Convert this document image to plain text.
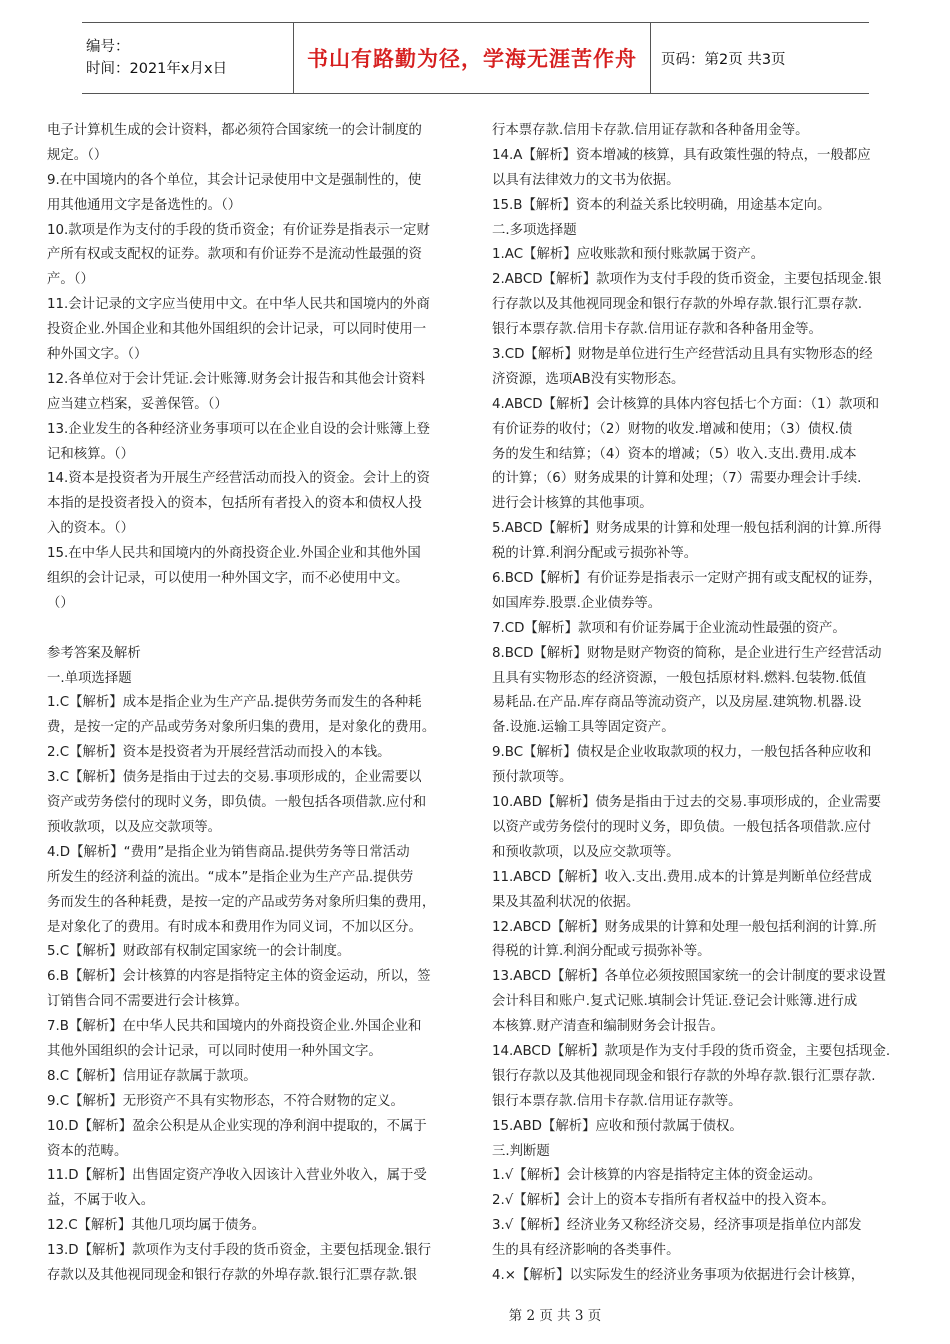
编号：
时间：2021年x月x日	书山有路勤为径，学海无涯苦作舟	页码：第2页 共3页
电子计算机生成的会计资料，都必须符合国家统一的会计制度的
规定。（）
9.在中国境内的各个单位，其会计记录使用中文是强制性的，使
用其他通用文字是备选性的。（）
10.款项是作为支付的手段的货币资金；有价证券是指表示一定财
产所有权或支配权的证券。款项和有价证券不是流动性最强的资
产。（）
11.会计记录的文字应当使用中文。在中华人民共和国境内的外商
投资企业.外国企业和其他外国组织的会计记录，可以同时使用一
种外国文字。（）
12.各单位对于会计凭证.会计账簿.财务会计报告和其他会计资料
应当建立档案，妥善保管。（）
13.企业发生的各种经济业务事项可以在企业自设的会计账簿上登
记和核算。（）
14.资本是投资者为开展生产经营活动而投入的资金。会计上的资
本指的是投资者投入的资本，包括所有者投入的资本和债权人投
入的资本。（）
15.在中华人民共和国境内的外商投资企业.外国企业和其他外国
组织的会计记录，可以使用一种外国文字，而不必使用中文。
（）
参考答案及解析
一.单项选择题
1.C【解析】成本是指企业为生产产品.提供劳务而发生的各种耗
费，是按一定的产品或劳务对象所归集的费用，是对象化的费用。
2.C【解析】资本是投资者为开展经营活动而投入的本钱。
3.C【解析】债务是指由于过去的交易.事项形成的，企业需要以
资产或劳务偿付的现时义务，即负债。一般包括各项借款.应付和
预收款项，以及应交款项等。
4.D【解析】“费用”是指企业为销售商品.提供劳务等日常活动
所发生的经济利益的流出。“成本”是指企业为生产产品.提供劳
务而发生的各种耗费，是按一定的产品或劳务对象所归集的费用，
是对象化了的费用。有时成本和费用作为同义词，不加以区分。
5.C【解析】财政部有权制定国家统一的会计制度。
6.B【解析】会计核算的内容是指特定主体的资金运动，所以，签
订销售合同不需要进行会计核算。
7.B【解析】在中华人民共和国境内的外商投资企业.外国企业和
其他外国组织的会计记录，可以同时使用一种外国文字。
8.C【解析】信用证存款属于款项。
9.C【解析】无形资产不具有实物形态，不符合财物的定义。
10.D【解析】盈余公积是从企业实现的净利润中提取的，不属于
资本的范畴。
11.D【解析】出售固定资产净收入因该计入营业外收入，属于受
益，不属于收入。
12.C【解析】其他几项均属于债务。
13.D【解析】款项作为支付手段的货币资金，主要包括现金.银行
存款以及其他视同现金和银行存款的外埠存款.银行汇票存款.银
行本票存款.信用卡存款.信用证存款和各种备用金等。
14.A【解析】资本增减的核算，具有政策性强的特点，一般都应
以具有法律效力的文书为依据。
15.B【解析】资本的利益关系比较明确，用途基本定向。
二.多项选择题
1.AC【解析】应收账款和预付账款属于资产。
2.ABCD【解析】款项作为支付手段的货币资金，主要包括现金.银
行存款以及其他视同现金和银行存款的外埠存款.银行汇票存款.
银行本票存款.信用卡存款.信用证存款和各种备用金等。
3.CD【解析】财物是单位进行生产经营活动且具有实物形态的经
济资源，选项AB没有实物形态。
4.ABCD【解析】会计核算的具体内容包括七个方面：（1）款项和
有价证券的收付；（2）财物的收发.增减和使用；（3）债权.债
务的发生和结算；（4）资本的增减；（5）收入.支出.费用.成本
的计算；（6）财务成果的计算和处理；（7）需要办理会计手续.
进行会计核算的其他事项。
5.ABCD【解析】财务成果的计算和处理一般包括利润的计算.所得
税的计算.利润分配或亏损弥补等。
6.BCD【解析】有价证券是指表示一定财产拥有或支配权的证券，
如国库券.股票.企业债券等。
7.CD【解析】款项和有价证券属于企业流动性最强的资产。
8.BCD【解析】财物是财产物资的简称，是企业进行生产经营活动
且具有实物形态的经济资源，一般包括原材料.燃料.包装物.低值
易耗品.在产品.库存商品等流动资产，以及房屋.建筑物.机器.设
备.设施.运输工具等固定资产。
9.BC【解析】债权是企业收取款项的权力，一般包括各种应收和
预付款项等。
10.ABD【解析】债务是指由于过去的交易.事项形成的，企业需要
以资产或劳务偿付的现时义务，即负债。一般包括各项借款.应付
和预收款项，以及应交款项等。
11.ABCD【解析】收入.支出.费用.成本的计算是判断单位经营成
果及其盈利状况的依据。
12.ABCD【解析】财务成果的计算和处理一般包括利润的计算.所
得税的计算.利润分配或亏损弥补等。
13.ABCD【解析】各单位必须按照国家统一的会计制度的要求设置
会计科目和账户.复式记账.填制会计凭证.登记会计账簿.进行成
本核算.财产清查和编制财务会计报告。
14.ABCD【解析】款项是作为支付手段的货币资金，主要包括现金.
银行存款以及其他视同现金和银行存款的外埠存款.银行汇票存款.
银行本票存款.信用卡存款.信用证存款等。
15.ABD【解析】应收和预付款属于债权。
三.判断题
1.√【解析】会计核算的内容是指特定主体的资金运动。
2.√【解析】会计上的资本专指所有者权益中的投入资本。
3.√【解析】经济业务又称经济交易，经济事项是指单位内部发
生的具有经济影响的各类事件。
4.×【解析】以实际发生的经济业务事项为依据进行会计核算，
第 2 页 共 3 页
